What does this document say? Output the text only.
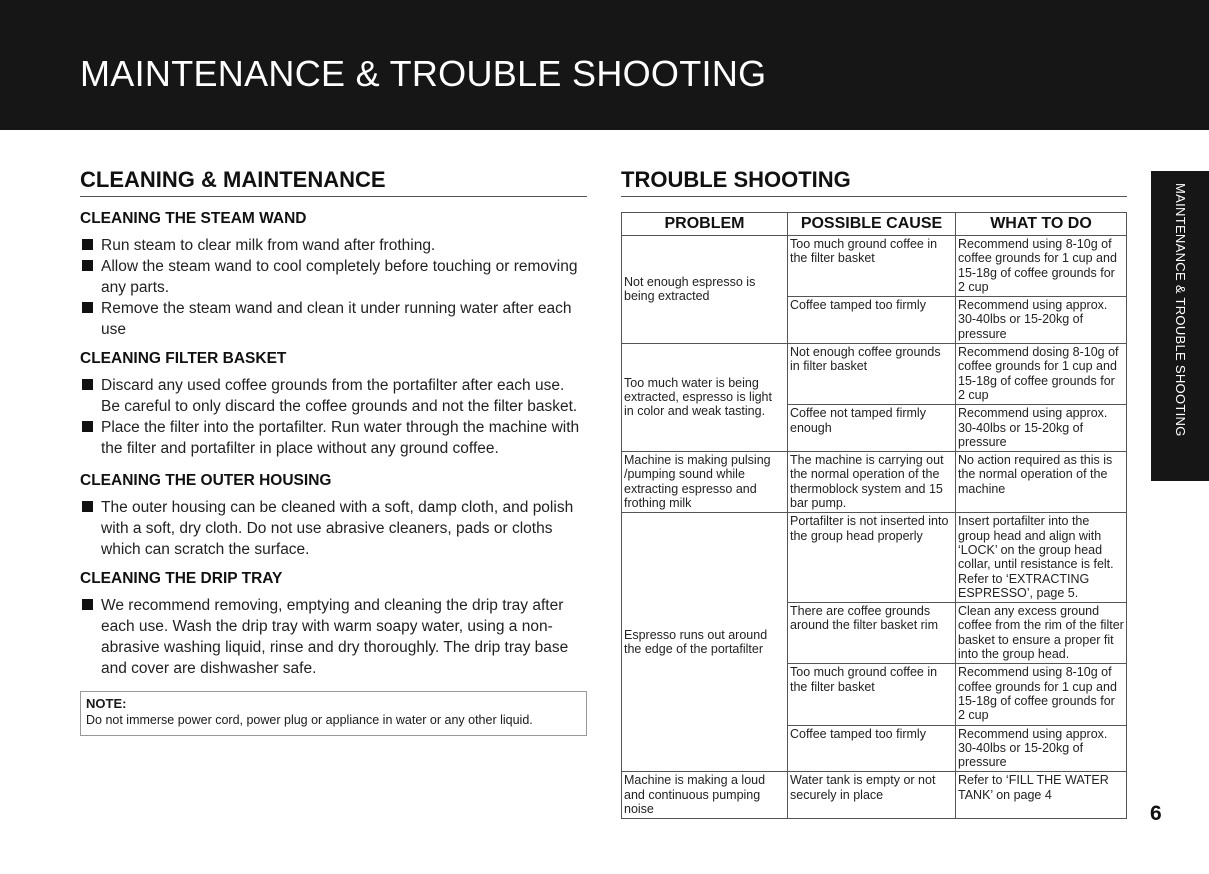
MAINTENANCE & TROUBLE SHOOTING
CLEANING & MAINTENANCE
CLEANING THE STEAM WAND
Run steam to clear milk from wand after frothing.
Allow the steam wand to cool completely before touching or removing any parts.
Remove the steam wand and clean it under running water after each use
CLEANING FILTER BASKET
Discard any used coffee grounds from the portafilter after each use. Be careful to only discard the coffee grounds and not the filter basket.
Place the filter into the portafilter. Run water through the machine with the filter and portafilter in place without any ground coffee.
CLEANING THE OUTER HOUSING
The outer housing can be cleaned with a soft, damp cloth, and polish with a soft, dry cloth. Do not use abrasive cleaners, pads or cloths which can scratch the surface.
CLEANING THE DRIP TRAY
We recommend removing, emptying and cleaning the drip tray after each use. Wash the drip tray with warm soapy water, using a non-abrasive washing liquid, rinse and dry thoroughly. The drip tray base and cover are dishwasher safe.
NOTE:
Do not immerse power cord, power plug or appliance in water or any other liquid.
TROUBLE SHOOTING
PROBLEM	POSSIBLE CAUSE	WHAT TO DO
Not enough espresso is being extracted	Too much ground coffee in the filter basket	Recommend using 8-10g of coffee grounds for 1 cup and 15-18g of coffee grounds for 2 cup
	Coffee tamped too firmly	Recommend using approx. 30-40lbs or 15-20kg of pressure
Too much water is being extracted, espresso is light in color and weak tasting.	Not enough coffee grounds in filter basket	Recommend dosing 8-10g of coffee grounds for 1 cup and 15-18g of coffee grounds for 2 cup
	Coffee not tamped firmly enough	Recommend using approx. 30-40lbs or 15-20kg of pressure
Machine is making pulsing /pumping sound while extracting espresso and frothing milk	The machine is carrying out the normal operation of the thermoblock system and 15 bar pump.	No action required as this is the normal operation of the machine
Espresso runs out around the edge of the portafilter	Portafilter is not inserted into the group head properly	Insert portafilter into the group head and align with ‘LOCK’ on the group head collar, until resistance is felt. Refer to ‘EXTRACTING ESPRESSO’, page 5.
	There are coffee grounds around the filter basket rim	Clean any excess ground coffee from the rim of the filter basket to ensure a proper fit into the group head.
	Too much ground coffee in the filter basket	Recommend using 8-10g of coffee grounds for 1 cup and 15-18g of coffee grounds for 2 cup
	Coffee tamped too firmly	Recommend using approx. 30-40lbs or 15-20kg of pressure
Machine is making a loud and continuous pumping noise	Water tank is empty or not securely in place	Refer to ‘FILL THE WATER TANK’ on page 4
MAINTENANCE & TROUBLE SHOOTING
6
